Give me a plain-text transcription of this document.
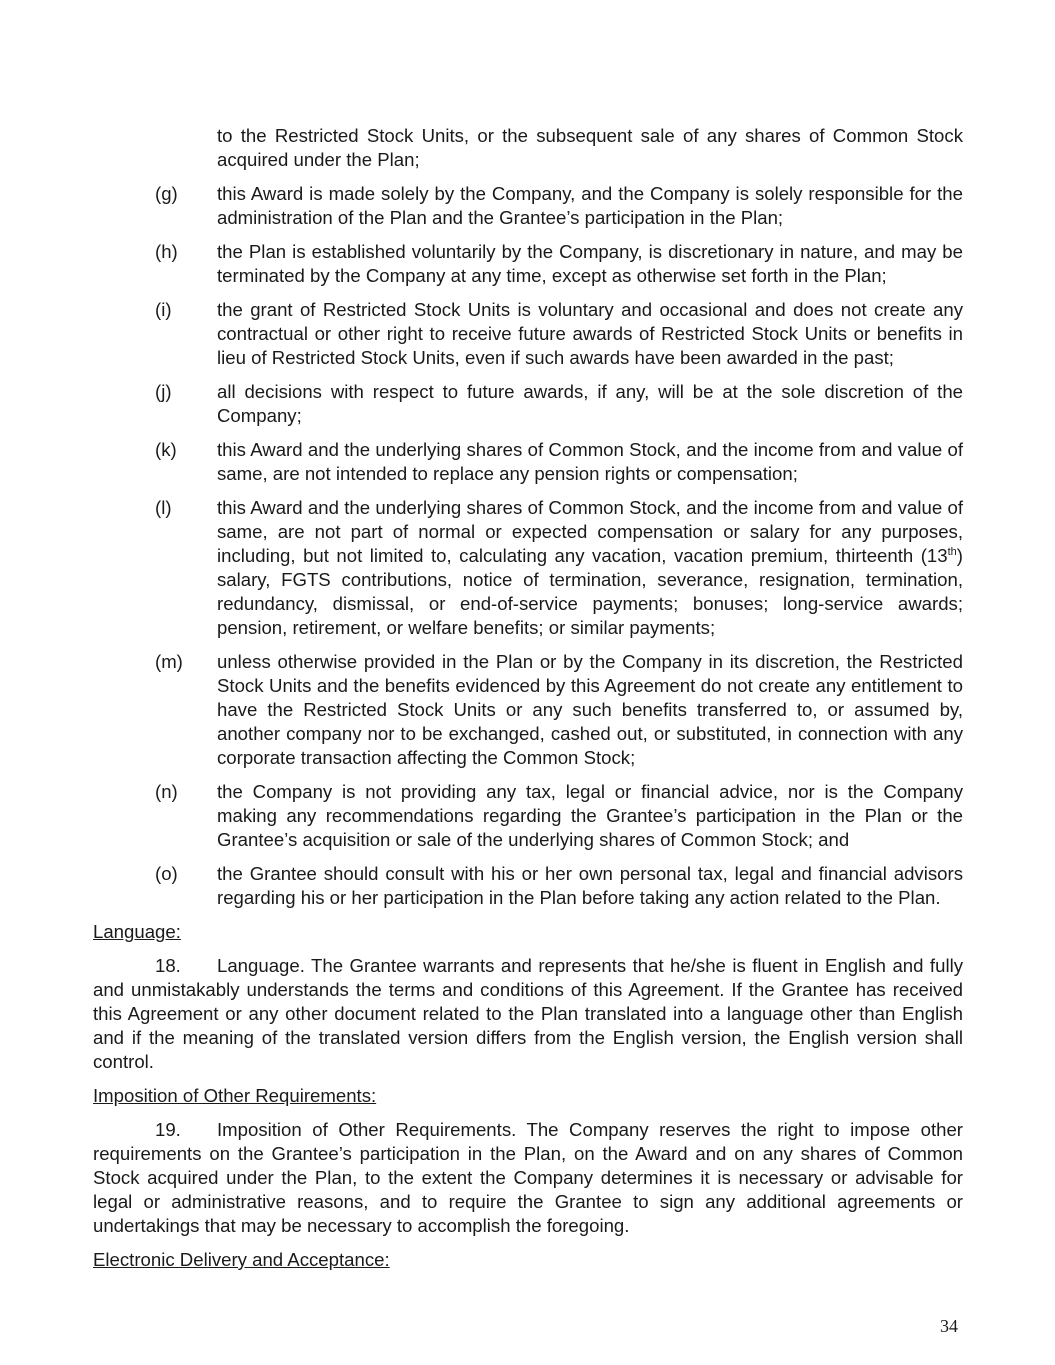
to the Restricted Stock Units, or the subsequent sale of any shares of Common Stock acquired under the Plan;
(g)	this Award is made solely by the Company, and the Company is solely responsible for the administration of the Plan and the Grantee’s participation in the Plan;
(h)	the Plan is established voluntarily by the Company, is discretionary in nature, and may be terminated by the Company at any time, except as otherwise set forth in the Plan;
(i)	the grant of Restricted Stock Units is voluntary and occasional and does not create any contractual or other right to receive future awards of Restricted Stock Units or benefits in lieu of Restricted Stock Units, even if such awards have been awarded in the past;
(j)	all decisions with respect to future awards, if any, will be at the sole discretion of the Company;
(k)	this Award and the underlying shares of Common Stock, and the income from and value of same, are not intended to replace any pension rights or compensation;
(l)	this Award and the underlying shares of Common Stock, and the income from and value of same, are not part of normal or expected compensation or salary for any purposes, including, but not limited to, calculating any vacation, vacation premium, thirteenth (13th) salary, FGTS contributions, notice of termination, severance, resignation, termination, redundancy, dismissal, or end-of-service payments; bonuses; long-service awards; pension, retirement, or welfare benefits; or similar payments;
(m)	unless otherwise provided in the Plan or by the Company in its discretion, the Restricted Stock Units and the benefits evidenced by this Agreement do not create any entitlement to have the Restricted Stock Units or any such benefits transferred to, or assumed by, another company nor to be exchanged, cashed out, or substituted, in connection with any corporate transaction affecting the Common Stock;
(n)	the Company is not providing any tax, legal or financial advice, nor is the Company making any recommendations regarding the Grantee’s participation in the Plan or the Grantee’s acquisition or sale of the underlying shares of Common Stock; and
(o)	the Grantee should consult with his or her own personal tax, legal and financial advisors regarding his or her participation in the Plan before taking any action related to the Plan.
Language:
18. Language. The Grantee warrants and represents that he/she is fluent in English and fully and unmistakably understands the terms and conditions of this Agreement. If the Grantee has received this Agreement or any other document related to the Plan translated into a language other than English and if the meaning of the translated version differs from the English version, the English version shall control.
Imposition of Other Requirements:
19. Imposition of Other Requirements. The Company reserves the right to impose other requirements on the Grantee’s participation in the Plan, on the Award and on any shares of Common Stock acquired under the Plan, to the extent the Company determines it is necessary or advisable for legal or administrative reasons, and to require the Grantee to sign any additional agreements or undertakings that may be necessary to accomplish the foregoing.
Electronic Delivery and Acceptance:
34
